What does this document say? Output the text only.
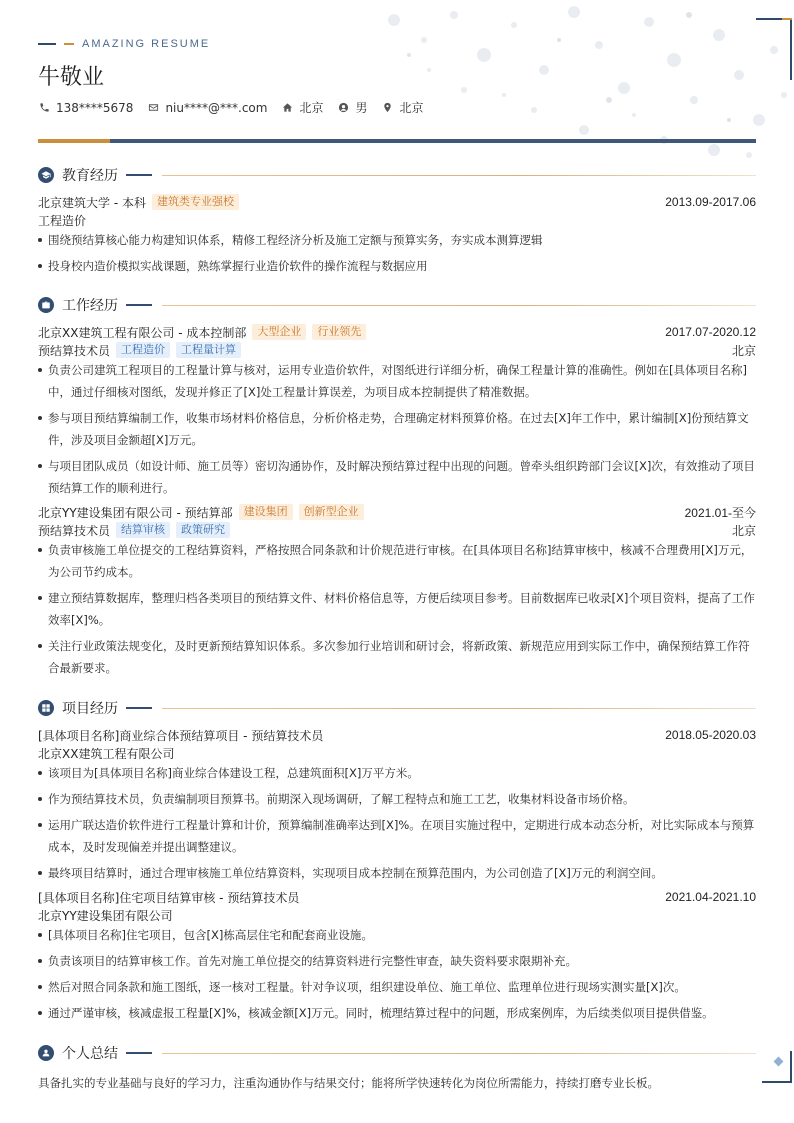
AMAZING RESUME
牛敬业
138****5678	niu****@***.com	北京	男	北京
教育经历
北京建筑大学 - 本科	建筑类专业强校	2013.09-2017.06
工程造价
围绕预结算核心能力构建知识体系，精修工程经济分析及施工定额与预算实务，夯实成本测算逻辑
投身校内造价模拟实战课题，熟练掌握行业造价软件的操作流程与数据应用
工作经历
北京XX建筑工程有限公司 - 成本控制部	大型企业	行业领先	2017.07-2020.12
预结算技术员	工程造价	工程量计算	北京
负责公司建筑工程项目的工程量计算与核对，运用专业造价软件，对图纸进行详细分析，确保工程量计算的准确性。例如在[具体项目名称]中，通过仔细核对图纸，发现并修正了[X]处工程量计算误差，为项目成本控制提供了精准数据。
参与项目预结算编制工作，收集市场材料价格信息，分析价格走势，合理确定材料预算价格。在过去[X]年工作中，累计编制[X]份预结算文件，涉及项目金额超[X]万元。
与项目团队成员（如设计师、施工员等）密切沟通协作，及时解决预结算过程中出现的问题。曾牵头组织跨部门会议[X]次，有效推动了项目预结算工作的顺利进行。
北京YY建设集团有限公司 - 预结算部	建设集团	创新型企业	2021.01-至今
预结算技术员	结算审核	政策研究	北京
负责审核施工单位提交的工程结算资料，严格按照合同条款和计价规范进行审核。在[具体项目名称]结算审核中，核减不合理费用[X]万元，为公司节约成本。
建立预结算数据库，整理归档各类项目的预结算文件、材料价格信息等，方便后续项目参考。目前数据库已收录[X]个项目资料，提高了工作效率[X]%。
关注行业政策法规变化，及时更新预结算知识体系。多次参加行业培训和研讨会，将新政策、新规范应用到实际工作中，确保预结算工作符合最新要求。
项目经历
[具体项目名称]商业综合体预结算项目 - 预结算技术员	2018.05-2020.03
北京XX建筑工程有限公司
该项目为[具体项目名称]商业综合体建设工程，总建筑面积[X]万平方米。
作为预结算技术员，负责编制项目预算书。前期深入现场调研，了解工程特点和施工工艺，收集材料设备市场价格。
运用广联达造价软件进行工程量计算和计价，预算编制准确率达到[X]%。在项目实施过程中，定期进行成本动态分析，对比实际成本与预算成本，及时发现偏差并提出调整建议。
最终项目结算时，通过合理审核施工单位结算资料，实现项目成本控制在预算范围内，为公司创造了[X]万元的利润空间。
[具体项目名称]住宅项目结算审核 - 预结算技术员	2021.04-2021.10
北京YY建设集团有限公司
[具体项目名称]住宅项目，包含[X]栋高层住宅和配套商业设施。
负责该项目的结算审核工作。首先对施工单位提交的结算资料进行完整性审查，缺失资料要求限期补充。
然后对照合同条款和施工图纸，逐一核对工程量。针对争议项，组织建设单位、施工单位、监理单位进行现场实测实量[X]次。
通过严谨审核，核减虚报工程量[X]%，核减金额[X]万元。同时，梳理结算过程中的问题，形成案例库，为后续类似项目提供借鉴。
个人总结
具备扎实的专业基础与良好的学习力，注重沟通协作与结果交付；能将所学快速转化为岗位所需能力，持续打磨专业长板。
